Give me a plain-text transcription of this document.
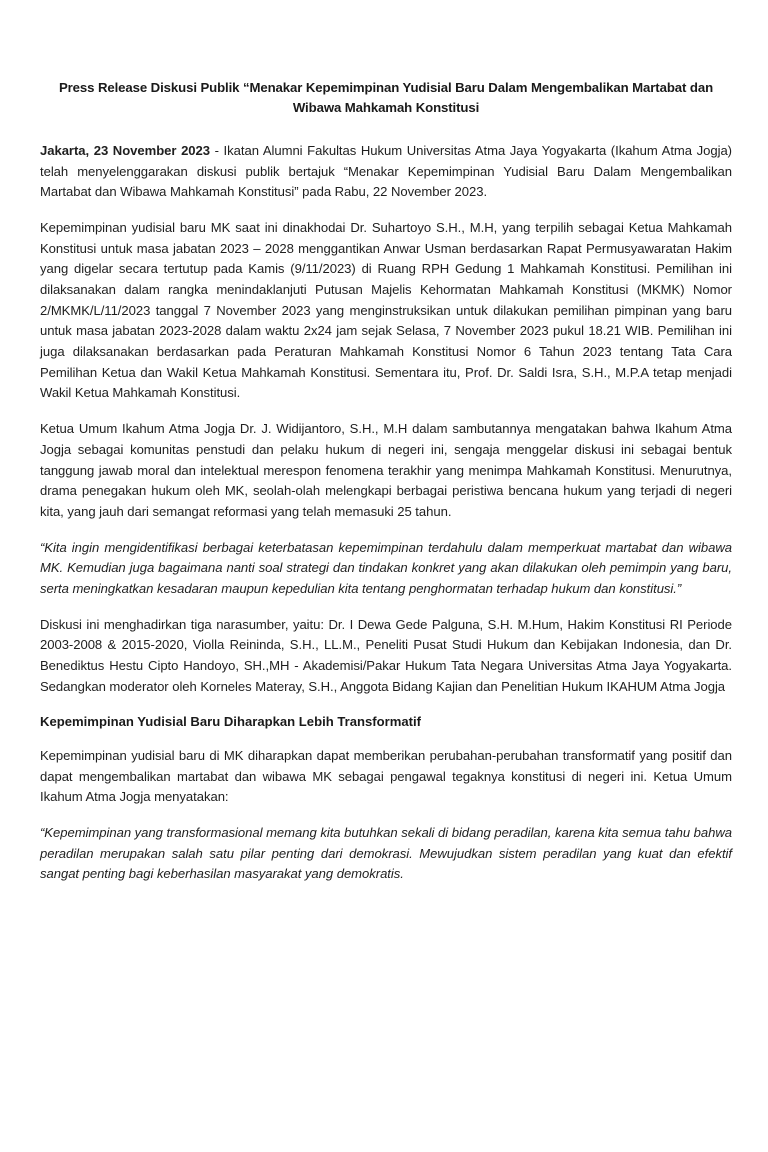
Press Release Diskusi Publik “Menakar Kepemimpinan Yudisial Baru Dalam Mengembalikan Martabat dan Wibawa Mahkamah Konstitusi

Jakarta, 23 November 2023 - Ikatan Alumni Fakultas Hukum Universitas Atma Jaya Yogyakarta (Ikahum Atma Jogja) telah menyelenggarakan diskusi publik bertajuk “Menakar Kepemimpinan Yudisial Baru Dalam Mengembalikan Martabat dan Wibawa Mahkamah Konstitusi” pada Rabu, 22 November 2023.

Kepemimpinan yudisial baru MK saat ini dinakhodai Dr. Suhartoyo S.H., M.H, yang terpilih sebagai Ketua Mahkamah Konstitusi untuk masa jabatan 2023 – 2028 menggantikan Anwar Usman berdasarkan Rapat Permusyawaratan Hakim yang digelar secara tertutup pada Kamis (9/11/2023) di Ruang RPH Gedung 1 Mahkamah Konstitusi. Pemilihan ini dilaksanakan dalam rangka menindaklanjuti Putusan Majelis Kehormatan Mahkamah Konstitusi (MKMK) Nomor 2/MKMK/L/11/2023 tanggal 7 November 2023 yang menginstruksikan untuk dilakukan pemilihan pimpinan yang baru untuk masa jabatan 2023-2028 dalam waktu 2x24 jam sejak Selasa, 7 November 2023 pukul 18.21 WIB. Pemilihan ini juga dilaksanakan berdasarkan pada Peraturan Mahkamah Konstitusi Nomor 6 Tahun 2023 tentang Tata Cara Pemilihan Ketua dan Wakil Ketua Mahkamah Konstitusi. Sementara itu, Prof. Dr. Saldi Isra, S.H., M.P.A tetap menjadi Wakil Ketua Mahkamah Konstitusi.

Ketua Umum Ikahum Atma Jogja Dr. J. Widijantoro, S.H., M.H dalam sambutannya mengatakan bahwa Ikahum Atma Jogja sebagai komunitas penstudi dan pelaku hukum di negeri ini, sengaja menggelar diskusi ini sebagai bentuk tanggung jawab moral dan intelektual merespon fenomena terakhir yang menimpa Mahkamah Konstitusi. Menurutnya, drama penegakan hukum oleh MK, seolah-olah melengkapi berbagai peristiwa bencana hukum yang terjadi di negeri kita, yang jauh dari semangat reformasi yang telah memasuki 25 tahun.

“Kita ingin mengidentifikasi berbagai keterbatasan kepemimpinan terdahulu dalam memperkuat martabat dan wibawa MK. Kemudian juga bagaimana nanti soal strategi dan tindakan konkret yang akan dilakukan oleh pemimpin yang baru, serta meningkatkan kesadaran maupun kepedulian kita tentang penghormatan terhadap hukum dan konstitusi.”

Diskusi ini menghadirkan tiga narasumber, yaitu: Dr. I Dewa Gede Palguna, S.H. M.Hum, Hakim Konstitusi RI Periode 2003-2008 & 2015-2020, Violla Reininda, S.H., LL.M., Peneliti Pusat Studi Hukum dan Kebijakan Indonesia, dan Dr. Benediktus Hestu Cipto Handoyo, SH.,MH - Akademisi/Pakar Hukum Tata Negara Universitas Atma Jaya Yogyakarta. Sedangkan moderator oleh Korneles Materay, S.H., Anggota Bidang Kajian dan Penelitian Hukum IKAHUM Atma Jogja

Kepemimpinan Yudisial Baru Diharapkan Lebih Transformatif

Kepemimpinan yudisial baru di MK diharapkan dapat memberikan perubahan-perubahan transformatif yang positif dan dapat mengembalikan martabat dan wibawa MK sebagai pengawal tegaknya konstitusi di negeri ini. Ketua Umum Ikahum Atma Jogja menyatakan:

“Kepemimpinan yang transformasional memang kita butuhkan sekali di bidang peradilan, karena kita semua tahu bahwa peradilan merupakan salah satu pilar penting dari demokrasi. Mewujudkan sistem peradilan yang kuat dan efektif sangat penting bagi keberhasilan masyarakat yang demokratis.
